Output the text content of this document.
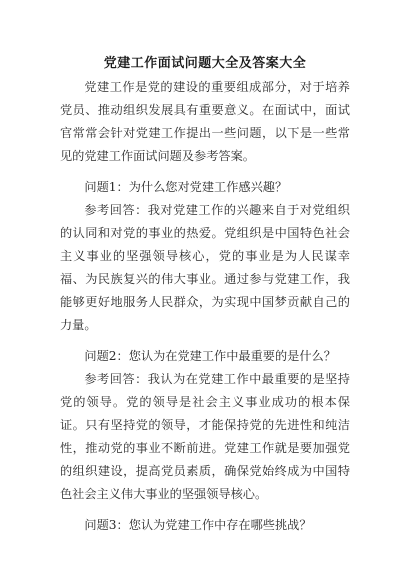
党建工作面试问题大全及答案大全

党建工作是党的建设的重要组成部分，对于培养党员、推动组织发展具有重要意义。在面试中，面试官常常会针对党建工作提出一些问题，以下是一些常见的党建工作面试问题及参考答案。

问题1：为什么您对党建工作感兴趣？

参考回答：我对党建工作的兴趣来自于对党组织的认同和对党的事业的热爱。党组织是中国特色社会主义事业的坚强领导核心，党的事业是为人民谋幸福、为民族复兴的伟大事业。通过参与党建工作，我能够更好地服务人民群众，为实现中国梦贡献自己的力量。

问题2：您认为在党建工作中最重要的是什么？

参考回答：我认为在党建工作中最重要的是坚持党的领导。党的领导是社会主义事业成功的根本保证。只有坚持党的领导，才能保持党的先进性和纯洁性，推动党的事业不断前进。党建工作就是要加强党的组织建设，提高党员素质，确保党始终成为中国特色社会主义伟大事业的坚强领导核心。

问题3：您认为党建工作中存在哪些挑战？
